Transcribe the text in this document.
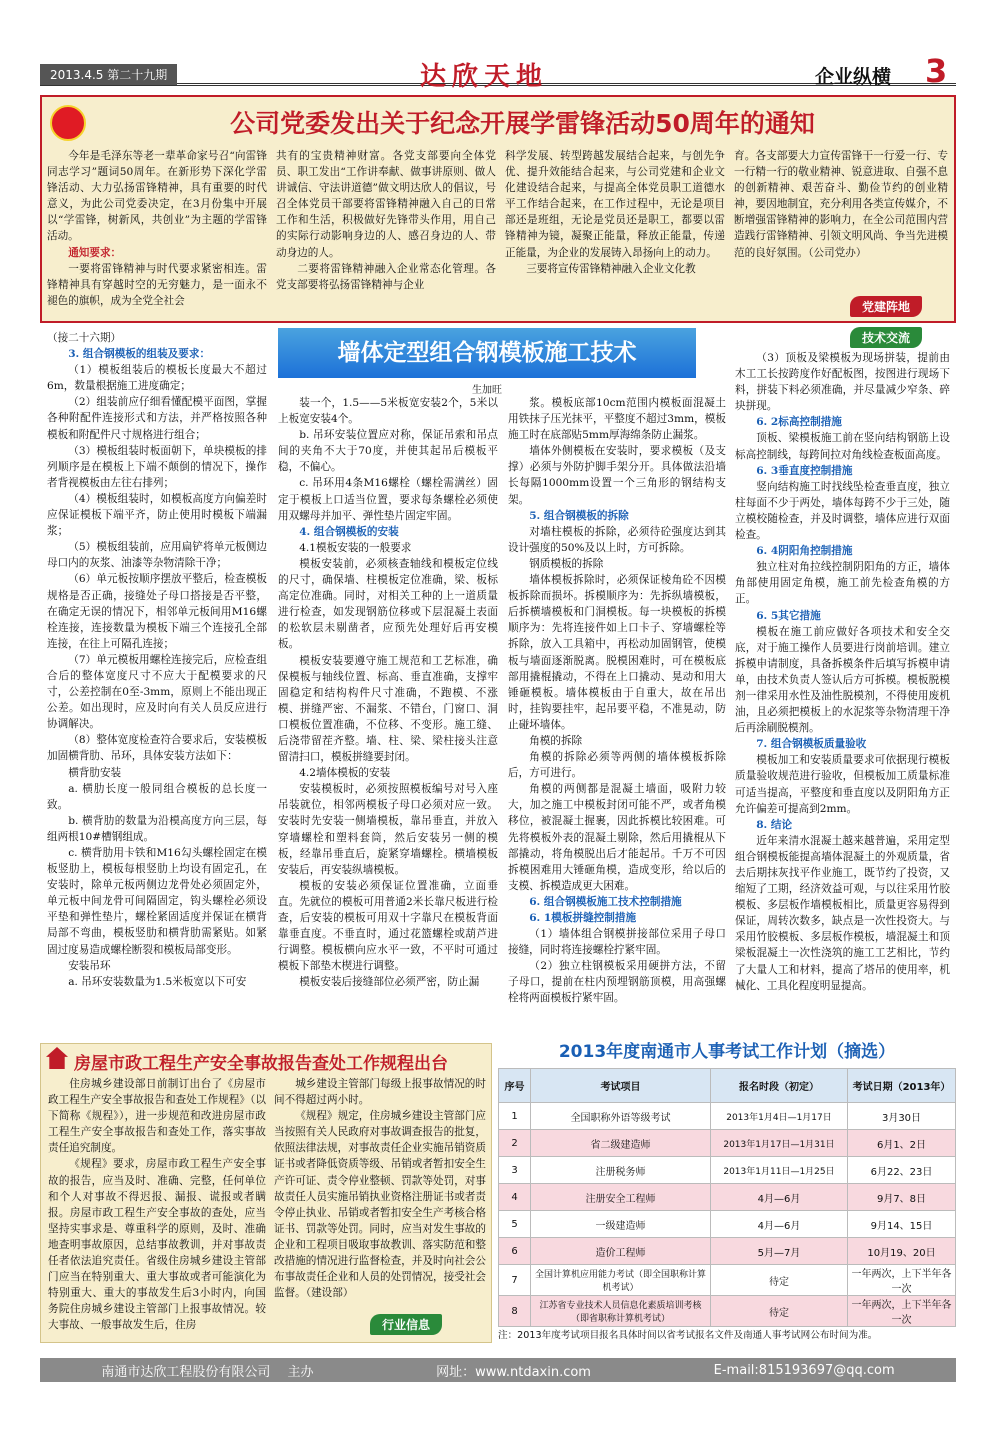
2013.4.5 第二十九期	达欣天地	企业纵横 3
公司党委发出关于纪念开展学雷锋活动50周年的通知

今年是毛泽东等老一辈革命家号召“向雷锋同志学习”题词50周年。在新形势下深化学雷锋活动、大力弘扬雷锋精神，具有重要的时代意义，为此公司党委决定，在3月份集中开展以“学雷锋，树新风，共创业”为主题的学雷锋活动。

通知要求：

一要将雷锋精神与时代要求紧密相连。雷锋精神具有穿越时空的无穷魅力，是一面永不褪色的旗帜，成为全党全社会

共有的宝贵精神财富。各党支部要向全体党员、职工发出“工作讲奉献、做事讲原则、做人讲诚信、守法讲道德”做文明达欣人的倡议，号召全体党员干部要将雷锋精神融入自己的日常工作和生活，积极做好先锋带头作用，用自己的实际行动影响身边的人、感召身边的人、带动身边的人。

二要将雷锋精神融入企业常态化管理。各党支部要将弘扬雷锋精神与企业

科学发展、转型跨越发展结合起来，与创先争优、提升效能结合起来，与公司党建和企业文化建设结合起来，与提高全体党员职工道德水平工作结合起来，在工作过程中，无论是项目部还是班组，无论是党员还是职工，都要以雷锋精神为镜，凝聚正能量，释放正能量，传递正能量，为企业的发展铸入昂扬向上的动力。

三要将宣传雷锋精神融入企业文化教

育。各支部要大力宣传雷锋干一行爱一行、专一行精一行的敬业精神、锐意进取、自强不息的创新精神、艰苦奋斗、勤俭节约的创业精神，要因地制宜，充分利用各类宣传媒介，不断增强雷锋精神的影响力，在全公司范围内营造践行雷锋精神、引领文明风尚、争当先进模范的良好氛围。（公司党办）

党建阵地
技术交流
墙体定型组合钢模板施工技术
生加旺
（接二十六期）
3. 组合钢模板的组装及要求：

（1）模板组装后的模板长度最大不超过6m，数量根据施工进度确定；

（2）组装前应仔细看懂配模平面图，掌握各种附配件连接形式和方法，并严格按照各种模板和附配件尺寸规格进行组合；

（3）模板组装时板面朝下，单块模板的排列顺序是在模板上下端不颠倒的情况下，操作者背视模板由左往右排列；

（4）模板组装时，如模板高度方向偏差时应保证模板下端平齐，防止使用时模板下端漏浆；

（5）模板组装前，应用扁铲将单元板侧边母口内的灰浆、油漆等杂物清除干净；

（6）单元板按顺序摆放平整后，检查模板规格是否正确，接缝处子母口搭接是否平整，在确定无误的情况下，相邻单元板间用M16螺栓连接，连接数量为模板下端三个连接孔全部连接，在往上可隔孔连接；

（7）单元模板用螺栓连接完后，应检查组合后的整体宽度尺寸不应大于配模要求的尺寸，公差控制在0至-3mm，原则上不能出现正公差。如出现时，应及时向有关人员反应进行协调解决。

（8）整体宽度检查符合要求后，安装模板加固横背肋、吊环，具体安装方法如下：

横背肋安装

a. 横肋长度一般同组合模板的总长度一致。

b. 横背肋的数量为沿模高度方向三层，每组两根10#槽钢组成。

c. 横背肋用卡铁和M16勾头螺栓固定在模板竖肋上，模板每根竖肋上均设有固定孔，在安装时，除单元板两侧边龙骨处必须固定外，单元板中间龙骨可间隔固定，钩头螺栓必须设平垫和弹性垫片，螺栓紧固适度并保证在横背局部不弯曲，模板竖肋和横背肋需紧贴。如紧固过度易造成螺栓断裂和模板局部变形。

安装吊环

a. 吊环安装数量为1.5米板宽以下可安

装一个，1.5——5米板宽安装2个，5米以上板宽安装4个。

b. 吊环安装位置应对称，保证吊索和吊点间的夹角不大于70度，并使其起吊后模板平稳，不偏心。

c. 吊环用4条M16螺栓（螺栓需满丝）固定于模板上口适当位置，要求每条螺栓必须使用双螺母并加平、弹性垫片固定牢固。

4. 组合钢模板的安装

4.1模板安装的一般要求

模板安装前，必须核查轴线和模板定位线的尺寸，确保墙、柱模板定位准确，梁、板标高定位准确。同时，对相关工种的上一道质量进行检查，如发现钢筋位移或下层混凝土表面的松软层未剔凿者，应预先处理好后再安模板。

模板安装要遵守施工规范和工艺标准，确保模板与轴线位置、标高、垂直准确，支撑牢固稳定和结构构件尺寸准确，不跑模、不涨模、拼缝严密、不漏浆、不错台，门窗口、洞口模板位置准确，不位移、不变形。施工缝、后浇带留茬齐整。墙、柱、梁、梁柱接头注意留清扫口，模板拼缝要封闭。

4.2墙体模板的安装

安装模板时，必须按照模板编号对号入座吊装就位，相邻两模板子母口必须对应一致。安装时先安装一侧墙模板，靠吊垂直，并放入穿墙螺栓和塑料套筒，然后安装另一侧的模板，经靠吊垂直后，旋紧穿墙螺栓。横墙模板安装后，再安装纵墙模板。

模板的安装必须保证位置准确，立面垂直。先就位的模板可用普通2米长靠尺板进行检查，后安装的模板可用双十字靠尺在模板背面靠垂直度。不垂直时，通过花篮螺栓或葫芦进行调整。模板横向应水平一致，不平时可通过模板下部垫木楔进行调整。

模板安装后接缝部位必须严密，防止漏

浆。模板底部10cm范围内模板面混凝土用铁抹子压光抹平，平整度不超过3mm，模板施工时在底部贴5mm厚海绵条防止漏浆。

墙体外侧模板在安装时，要求模板（及支撑）必须与外防护脚手架分开。具体做法沿墙长每隔1000mm设置一个三角形的钢结构支架。

5. 组合钢模板的拆除

对墙柱模板的拆除，必须待砼强度达到其设计强度的50%及以上时，方可拆除。

钢质模板的拆除

墙体模板拆除时，必须保证棱角砼不因模板拆除而损坏。拆模顺序为：先拆纵墙模板，后拆横墙模板和门洞模板。每一块模板的拆模顺序为：先将连接件如上口卡子、穿墙螺栓等拆除，放入工具箱中，再松动加固钢管，使模板与墙面逐渐脱离。脱模困难时，可在模板底部用撬棍撬动，不得在上口撬动、晃动和用大锤砸模板。墙体模板由于自重大，故在吊出时，挂钩要挂牢，起吊要平稳，不准晃动，防止碰坏墙体。

角模的拆除

角模的拆除必须等两侧的墙体模板拆除后，方可进行。

角模的两侧都是混凝土墙面，吸附力较大，加之施工中模板封闭可能不严，或者角模移位，被混凝土握裹，因此拆模比较困难。可先将模板外表的混凝土剔除，然后用撬棍从下部撬动，将角模脱出后才能起吊。千万不可因拆模困难用大锤砸角模，造成变形，给以后的支模、拆模造成更大困难。

6. 组合钢模板施工技术控制措施

6. 1模板拼缝控制措施

（1）墙体组合钢模拼接部位采用子母口接缝，同时将连接螺栓拧紧牢固。

（2）独立柱钢模板采用硬拼方法，不留子母口，提前在柱内预埋钢筋顶模，用高强螺栓将两面模板拧紧牢固。

（3）顶板及梁模板为现场拼装，提前由木工工长按跨度作好配板图，按图进行现场下料，拼装下料必须准确，并尽量减少窄条、碎块拼现。

6. 2标高控制措施

顶板、梁模板施工前在竖向结构钢筋上设标高控制线，每跨间拉对角线检查板面高度。

6. 3垂直度控制措施

竖向结构施工时找线坠检查垂直度，独立柱每面不少于两处，墙体每跨不少于三处，随立模校随检查，并及时调整，墙体应进行双面检查。

6. 4阴阳角控制措施

独立柱对角拉线控制阴阳角的方正，墙体角部使用固定角模，施工前先检查角模的方正。

6. 5其它措施

模板在施工前应做好各项技术和安全交底，对于施工操作人员要进行岗前培训。建立拆模申请制度，具备拆模条件后填写拆模申请单，由技术负责人签认后方可拆模。模板脱模剂一律采用水性及油性脱模剂，不得使用废机油，且必须把模板上的水泥浆等杂物清理干净后再涂刷脱模剂。

7. 组合钢模板质量验收

模板加工和安装质量要求可依据现行模板质量验收规范进行验收，但模板加工质量标准可适当提高，平整度和垂直度以及阴阳角方正允许偏差可提高到2mm。

8. 结论

近年来清水混凝土越来越普遍，采用定型组合钢模板能提高墙体混凝土的外观质量，省去后期抹灰找平作业施工，既节约了投资，又缩短了工期，经济效益可观，与以往采用竹胶模板、多层板作墙模板相比，质量更容易得到保证，周转次数多，缺点是一次性投资大。与采用竹胶模板、多层板作模板，墙混凝土和顶梁板混凝土一次性浇筑的施工工艺相比，节约了大量人工和材料，提高了塔吊的使用率，机械化、工具化程度明显提高。

房屋市政工程生产安全事故报告查处工作规程出台

住房城乡建设部日前制订出台了《房屋市政工程生产安全事故报告和查处工作规程》（以下简称《规程》），进一步规范和改进房屋市政工程生产安全事故报告和查处工作，落实事故责任追究制度。

《规程》要求，房屋市政工程生产安全事故的报告，应当及时、准确、完整，任何单位和个人对事故不得迟报、漏报、谎报或者瞒报。房屋市政工程生产安全事故的查处，应当坚持实事求是、尊重科学的原则，及时、准确地查明事故原因，总结事故教训，并对事故责任者依法追究责任。省级住房城乡建设主管部门应当在特别重大、重大事故或者可能演化为特别重大、重大的事故发生后3小时内，向国务院住房城乡建设主管部门上报事故情况。较大事故、一般事故发生后，住房

城乡建设主管部门每级上报事故情况的时间不得超过两小时。

《规程》规定，住房城乡建设主管部门应当按照有关人民政府对事故调查报告的批复，依照法律法规，对事故责任企业实施吊销资质证书或者降低资质等级、吊销或者暂扣安全生产许可证、责令停业整顿、罚款等处罚，对事故责任人员实施吊销执业资格注册证书或者责令停止执业、吊销或者暂扣安全生产考核合格证书、罚款等处罚。同时，应当对发生事故的企业和工程项目吸取事故教训、落实防范和整改措施的情况进行监督检查，并及时向社会公布事故责任企业和人员的处罚情况，接受社会监督。（建设部）

行业信息
2013年度南通市人事考试工作计划（摘选）
序号	考试项目	报名时段（初定）	考试日期（2013年）
1	全国职称外语等级考试	2013年1月4日—1月17日	3月30日
2	省二级建造师	2013年1月17日—1月31日	6月1、2日
3	注册税务师	2013年1月11日—1月25日	6月22、23日
4	注册安全工程师	4月—6月	9月7、8日
5	一级建造师	4月—6月	9月14、15日
6	造价工程师	5月—7月	10月19、20日
7	全国计算机应用能力考试（即全国职称计算机考试）	待定	一年两次，上下半年各一次
8	江苏省专业技术人员信息化素质培训考核（即省职称计算机考试）	待定	一年两次，上下半年各一次
注：2013年度考试项目报名具体时间以省考试报名文件及南通人事考试网公布时间为准。
南通市达欣工程股份有限公司　 主办	网址：www.ntdaxin.com	E-mail:815193697@qq.com
